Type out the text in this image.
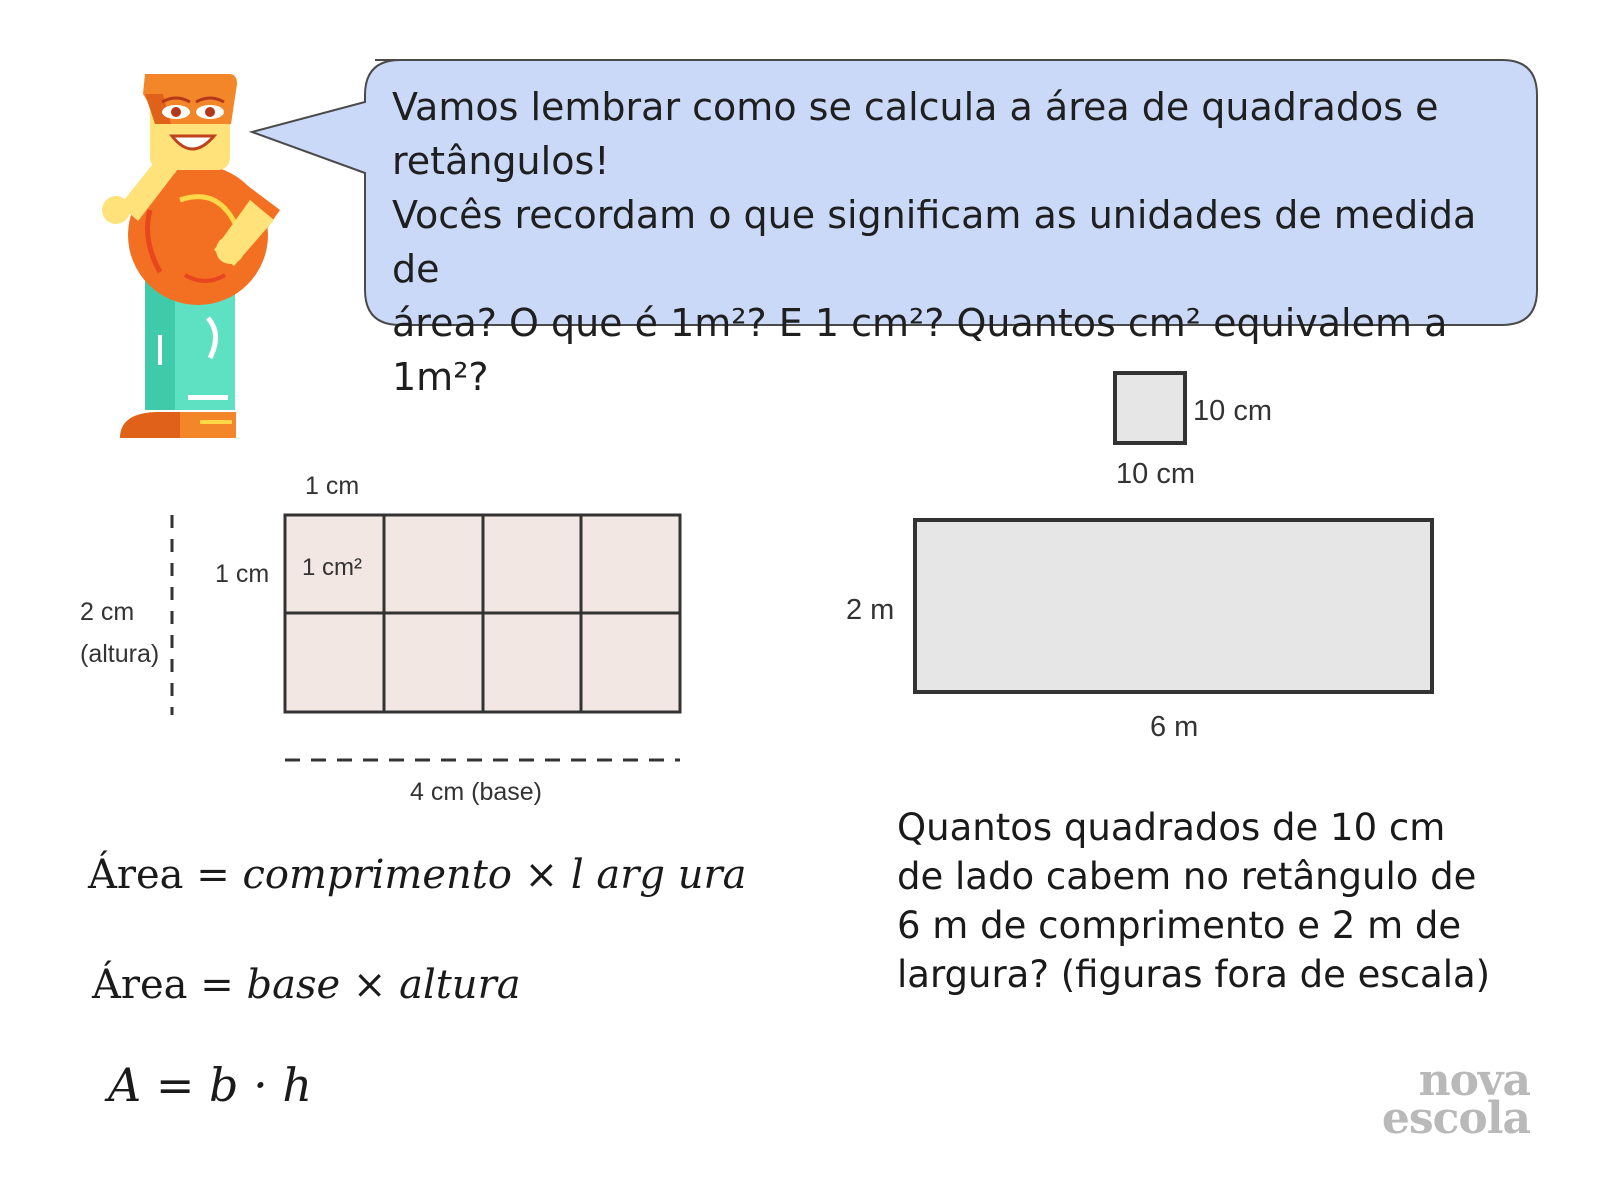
Vamos lembrar como se calcula a área de quadrados e
retângulos!
Vocês recordam o que significam as unidades de medida de
área? O que é 1m²? E 1 cm²? Quantos cm² equivalem a 1m²?
1 cm
1 cm 1 cm²
2 cm
(altura)
4 cm (base)
Área = comprimento × l arg ura
Área = base × altura
A = b · h
10 cm
10 cm
2 m
6 m
Quantos quadrados de 10 cm
de lado cabem no retângulo de
6 m de comprimento e 2 m de
largura? (figuras fora de escala)
nova
escola
